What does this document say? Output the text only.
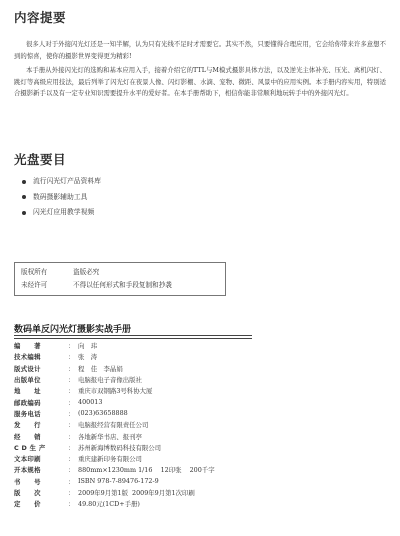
内容提要
很多人对于外接闪光灯还是一知半解，认为只有光线不足时才需要它。其实不然，只要懂得合理应用，它会给你带来许多意想不到的惊喜，使你的摄影世界变得更为精彩!
本手册从外接闪光灯的选购和基本应用入手，接着介绍它的TTL与M模式摄影具体方法，以及逆光主体补光、压光、离机闪灯、跳灯等高级应用技法，最后列举了闪光灯在夜景人像、闪灯影棚、水滴、宠物、微距、风景中的应用实例。本手册内容实用，特别适合摄影新手以及有一定专业知识需要提升水平的爱好者。在本手册帮助下，相信你能非常顺利地玩转手中的外接闪光灯。
光盘要目
流行闪光灯产品资料库
数码摄影辅助工具
闪光灯应用教学视频
版权所有	盗版必究
未经许可	不得以任何形式和手段复制和抄袭
数码单反闪光灯摄影实战手册
编　　著	： 向　玮
技术编辑	： 张　涛
版式设计	： 程　佳　李晶娟
出版单位	： 电脑报电子音像出版社
地　　址	： 重庆市双钢路3号科协大厦
邮政编码	： 400013
服务电话	： (023)63658888
发　　行	： 电脑报经营有限责任公司
经　　销	： 各地新华书店、报刊亭
C D 生 产	： 苏州新海博数码科技有限公司
文本印刷	： 重庆建新印务有限公司
开本规格	： 880mm×1230mm 1/16    12印张    200千字
书　　号	： ISBN 978-7-89476-172-9
版　　次	： 2009年9月第1版  2009年9月第1次印刷
定　　价	： 49.80元(1CD+手册)
